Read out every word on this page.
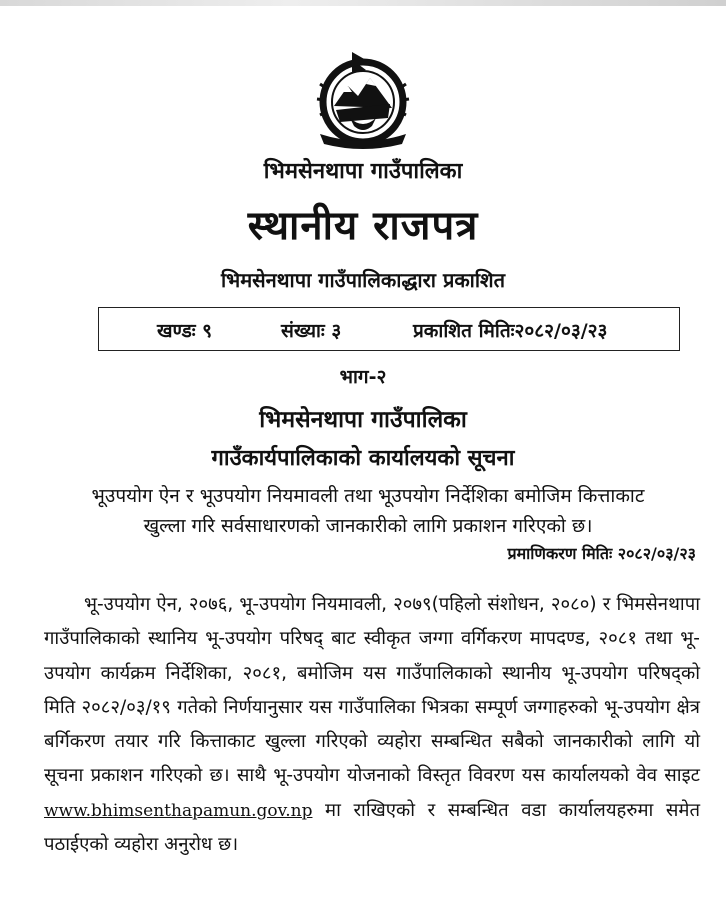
भिमसेनथापा गाउँपालिका
स्थानीय राजपत्र
भिमसेनथापा गाउँपालिकाद्धारा प्रकाशित
खण्डः ९	संख्याः ३	प्रकाशित मितिः२०८२/०३/२३
भाग-२
भिमसेनथापा गाउँपालिका
गाउँकार्यपालिकाको कार्यालयको सूचना
भूउपयोग ऐन र भूउपयोग नियमावली तथा भूउपयोग निर्देशिका बमोजिम कित्ताकाट
खुल्ला गरि सर्वसाधारणको जानकारीको लागि प्रकाशन गरिएको छ।
प्रमाणिकरण मितिः २०८२/०३/२३
भू-उपयोग ऐन, २०७६, भू-उपयोग नियमावली, २०७९(पहिलो संशोधन, २०८०) र भिमसेनथापा गाउँपालिकाको स्थानिय भू-उपयोग परिषद् बाट स्वीकृत जग्गा वर्गिकरण मापदण्ड, २०८१ तथा भू-उपयोग कार्यक्रम निर्देशिका, २०८१, बमोजिम यस गाउँपालिकाको स्थानीय भू-उपयोग परिषद्को मिति २०८२/०३/१९ गतेको निर्णयानुसार यस गाउँपालिका भित्रका सम्पूर्ण जग्गाहरुको भू-उपयोग क्षेत्र बर्गिकरण तयार गरि कित्ताकाट खुल्ला गरिएको व्यहोरा सम्बन्धित सबैको जानकारीको लागि यो सूचना प्रकाशन गरिएको छ। साथै भू-उपयोग योजनाको विस्तृत विवरण यस कार्यालयको वेव साइट www.bhimsenthapamun.gov.np मा राखिएको र सम्बन्धित वडा कार्यालयहरुमा समेत पठाईएको व्यहोरा अनुरोध छ।
